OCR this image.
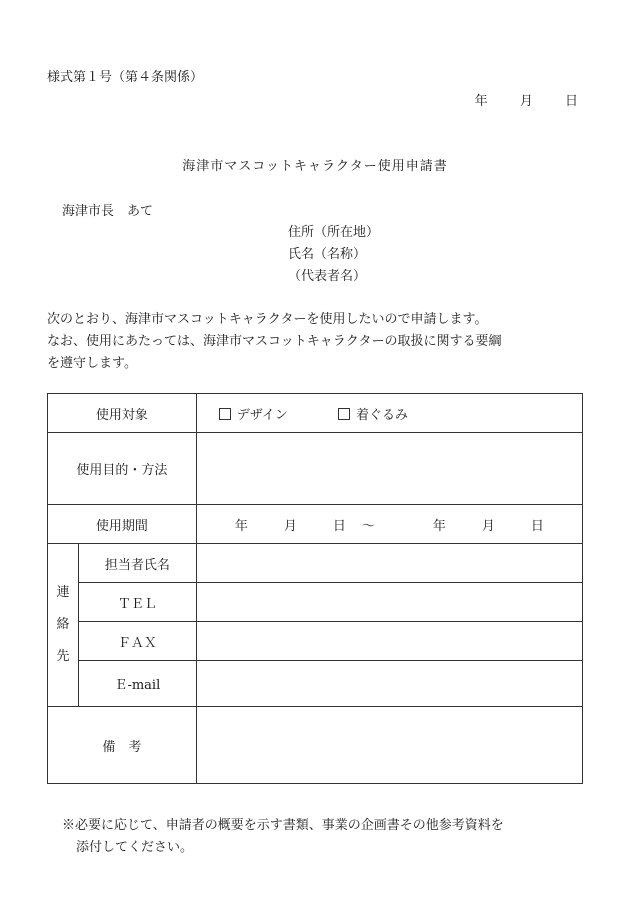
様式第１号（第４条関係）
年 月 日
海津市マスコットキャラクター使用申請書
海津市長　あて
住所（所在地）
氏名（名称）
（代表者名）
次のとおり、海津市マスコットキャラクターを使用したいので申請します。
なお、使用にあたっては、海津市マスコットキャラクターの取扱に関する要綱
を遵守します。
使用対象		デザイン 着ぐるみ
使用目的・方法		
使用期間		年 月 日 ～ 年 月 日

連
絡
先	担当者氏名	
	ＴＥＬ	
	ＦＡＸ	
	Ｅ-mail	
備　考		
※必要に応じて、申請者の概要を示す書類、事業の企画書その他参考資料を
添付してください。
